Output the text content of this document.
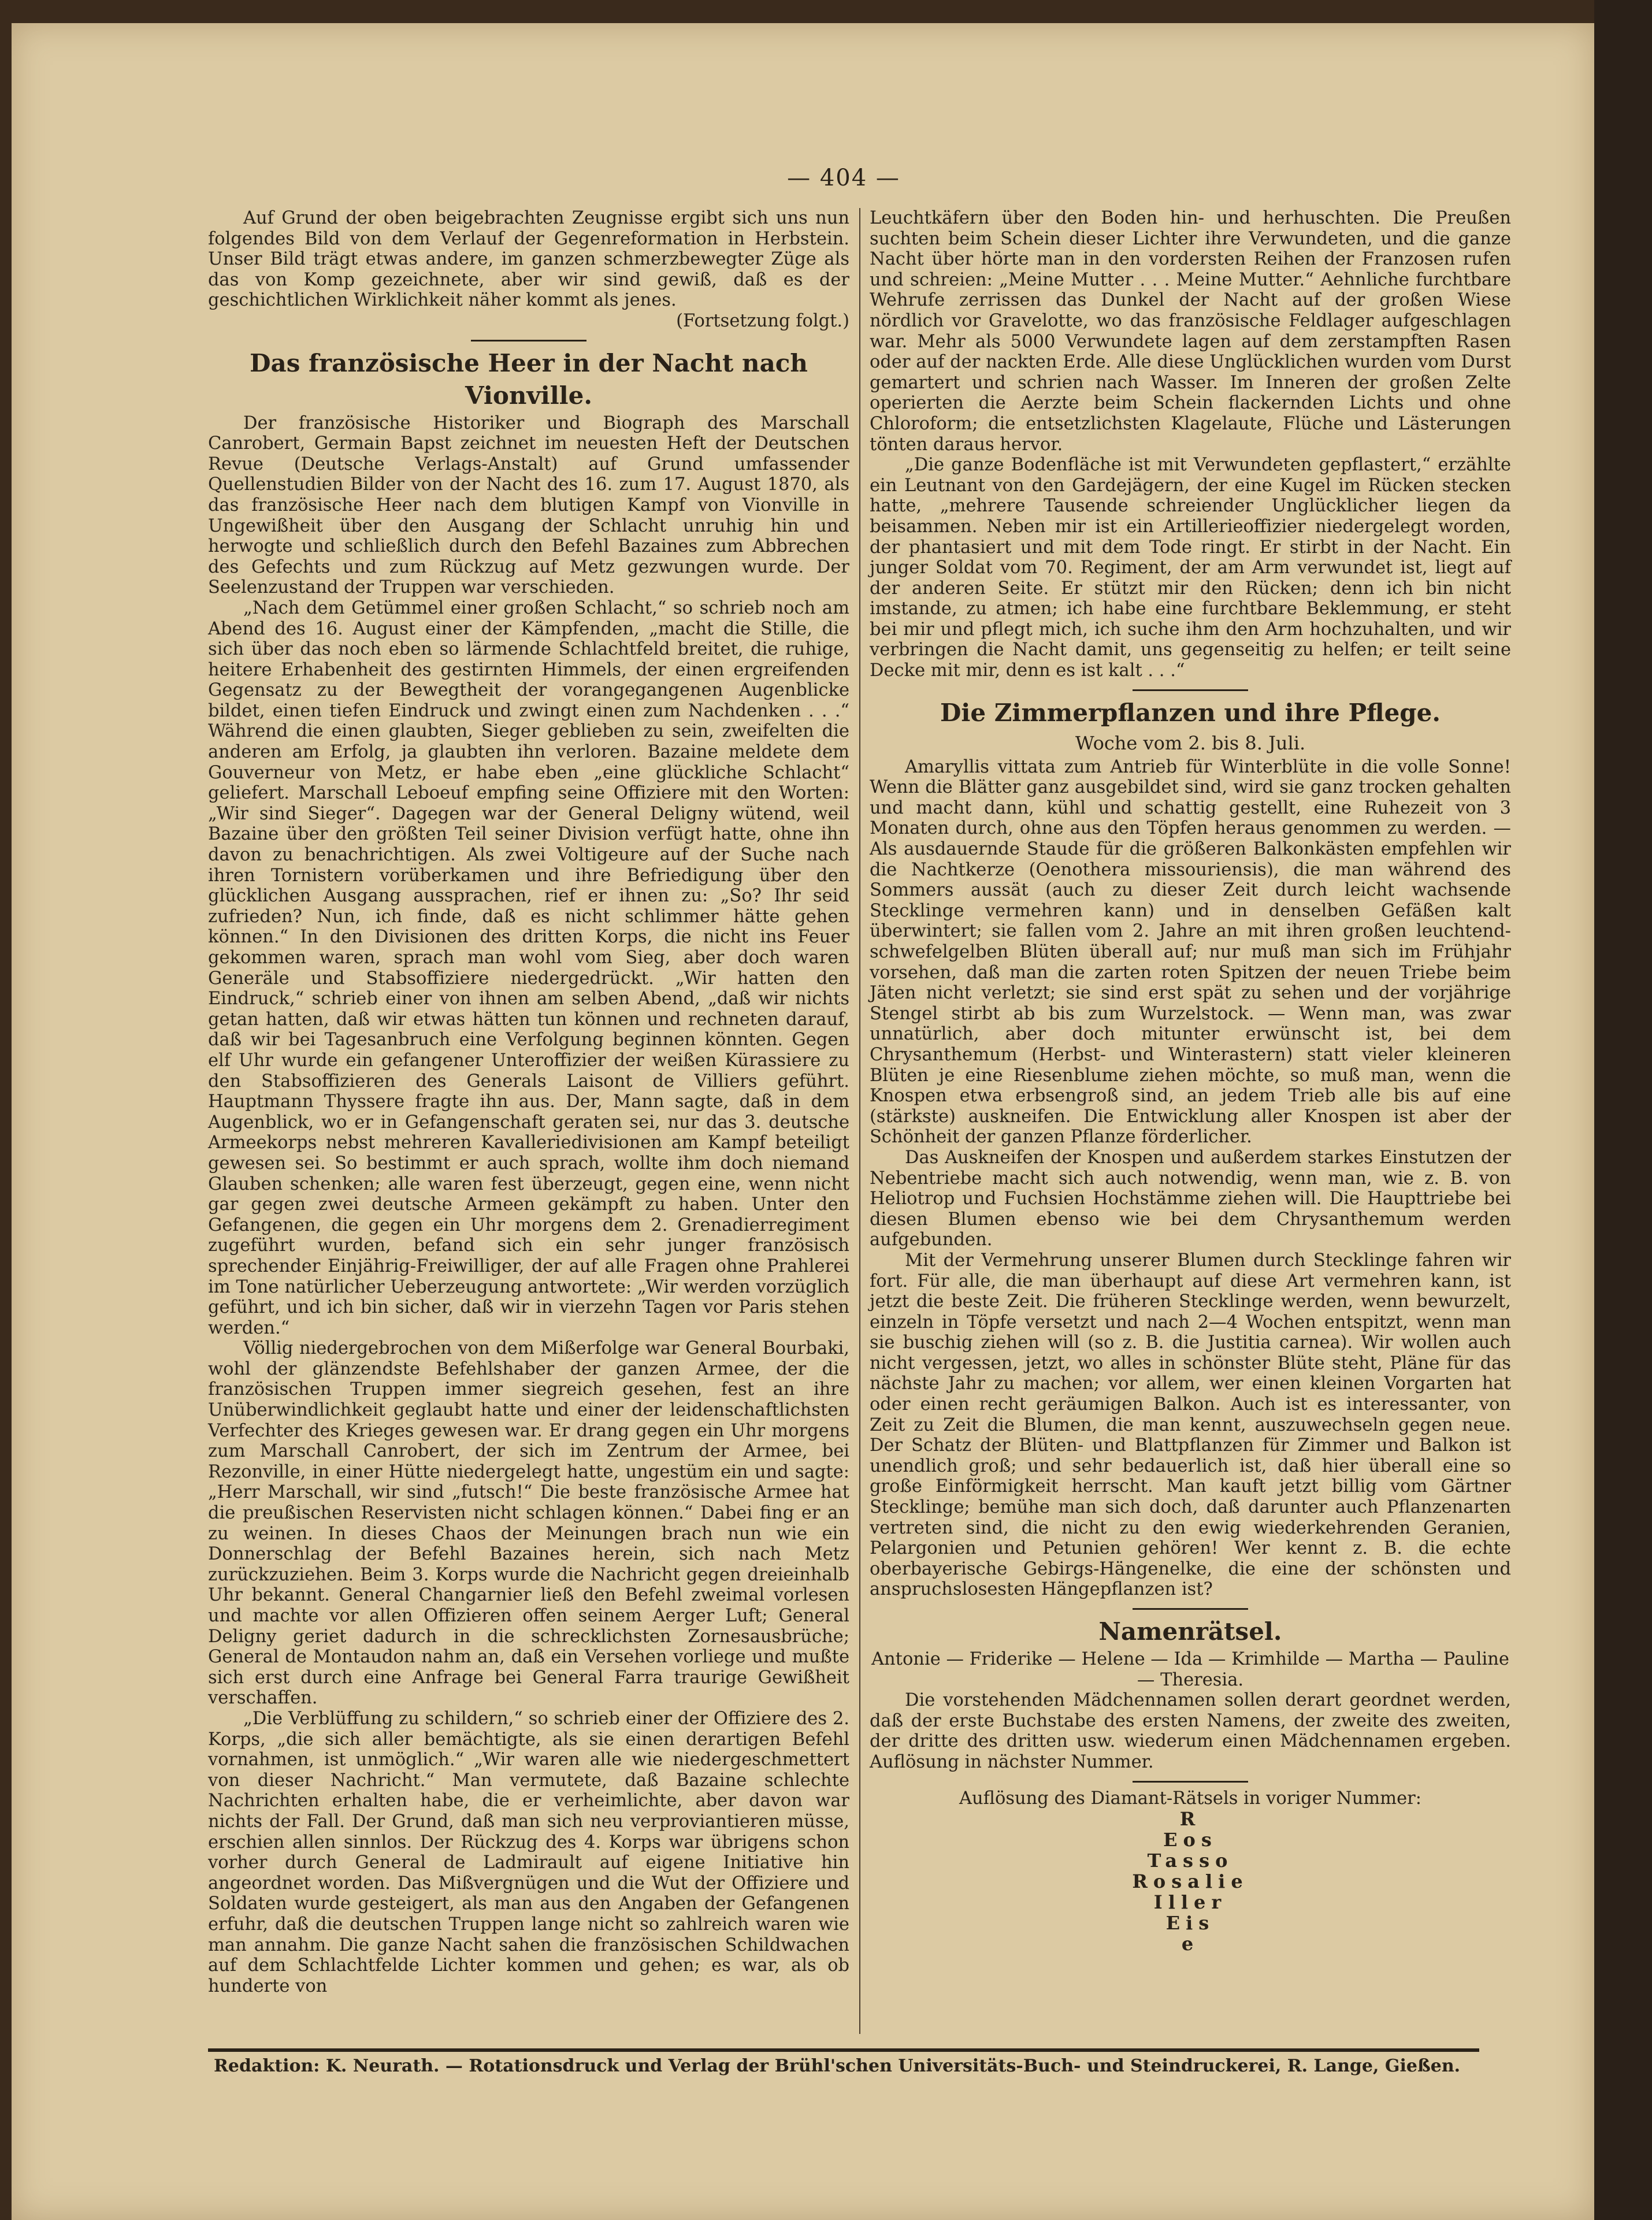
— 404 —

Auf Grund der oben beigebrachten Zeugnisse ergibt sich uns nun folgendes Bild von dem Verlauf der Gegenreformation in Herbstein. Unser Bild trägt etwas andere, im ganzen schmerzbewegter Züge als das von Komp gezeichnete, aber wir sind gewiß, daß es der geschichtlichen Wirklichkeit näher kommt als jenes.

(Fortsetzung folgt.)

Das französische Heer in der Nacht nach Vionville.

Der französische Historiker und Biograph des Marschall Canrobert, Germain Bapst zeichnet im neuesten Heft der Deutschen Revue (Deutsche Verlags-Anstalt) auf Grund umfassender Quellenstudien Bilder von der Nacht des 16. zum 17. August 1870, als das französische Heer nach dem blutigen Kampf von Vionville in Ungewißheit über den Ausgang der Schlacht unruhig hin und herwogte und schließlich durch den Befehl Bazaines zum Abbrechen des Gefechts und zum Rückzug auf Metz gezwungen wurde. Der Seelenzustand der Truppen war verschieden.

„Nach dem Getümmel einer großen Schlacht,“ so schrieb noch am Abend des 16. August einer der Kämpfenden, „macht die Stille, die sich über das noch eben so lärmende Schlachtfeld breitet, die ruhige, heitere Erhabenheit des gestirnten Himmels, der einen ergreifenden Gegensatz zu der Bewegtheit der vorangegangenen Augenblicke bildet, einen tiefen Eindruck und zwingt einen zum Nachdenken . . .“ Während die einen glaubten, Sieger geblieben zu sein, zweifelten die anderen am Erfolg, ja glaubten ihn verloren. Bazaine meldete dem Gouverneur von Metz, er habe eben „eine glückliche Schlacht“ geliefert. Marschall Leboeuf empfing seine Offiziere mit den Worten: „Wir sind Sieger“. Dagegen war der General Deligny wütend, weil Bazaine über den größten Teil seiner Division verfügt hatte, ohne ihn davon zu benachrichtigen. Als zwei Voltigeure auf der Suche nach ihren Tornistern vorüberkamen und ihre Befriedigung über den glücklichen Ausgang aussprachen, rief er ihnen zu: „So? Ihr seid zufrieden? Nun, ich finde, daß es nicht schlimmer hätte gehen können.“ In den Divisionen des dritten Korps, die nicht ins Feuer gekommen waren, sprach man wohl vom Sieg, aber doch waren Generäle und Stabsoffiziere niedergedrückt. „Wir hatten den Eindruck,“ schrieb einer von ihnen am selben Abend, „daß wir nichts getan hatten, daß wir etwas hätten tun können und rechneten darauf, daß wir bei Tagesanbruch eine Verfolgung beginnen könnten. Gegen elf Uhr wurde ein gefangener Unteroffizier der weißen Kürassiere zu den Stabsoffizieren des Generals Laisont de Villiers geführt. Hauptmann Thyssere fragte ihn aus. Der, Mann sagte, daß in dem Augenblick, wo er in Gefangenschaft geraten sei, nur das 3. deutsche Armeekorps nebst mehreren Kavalleriedivisionen am Kampf beteiligt gewesen sei. So bestimmt er auch sprach, wollte ihm doch niemand Glauben schenken; alle waren fest überzeugt, gegen eine, wenn nicht gar gegen zwei deutsche Armeen gekämpft zu haben. Unter den Gefangenen, die gegen ein Uhr morgens dem 2. Grenadierregiment zugeführt wurden, befand sich ein sehr junger französisch sprechender Einjährig-Freiwilliger, der auf alle Fragen ohne Prahlerei im Tone natürlicher Ueberzeugung antwortete: „Wir werden vorzüglich geführt, und ich bin sicher, daß wir in vierzehn Tagen vor Paris stehen werden.“

Völlig niedergebrochen von dem Mißerfolge war General Bourbaki, wohl der glänzendste Befehlshaber der ganzen Armee, der die französischen Truppen immer siegreich gesehen, fest an ihre Unüberwindlichkeit geglaubt hatte und einer der leidenschaftlichsten Verfechter des Krieges gewesen war. Er drang gegen ein Uhr morgens zum Marschall Canrobert, der sich im Zentrum der Armee, bei Rezonville, in einer Hütte niedergelegt hatte, ungestüm ein und sagte: „Herr Marschall, wir sind „futsch!“ Die beste französische Armee hat die preußischen Reservisten nicht schlagen können.“ Dabei fing er an zu weinen. In dieses Chaos der Meinungen brach nun wie ein Donnerschlag der Befehl Bazaines herein, sich nach Metz zurückzuziehen. Beim 3. Korps wurde die Nachricht gegen dreieinhalb Uhr bekannt. General Changarnier ließ den Befehl zweimal vorlesen und machte vor allen Offizieren offen seinem Aerger Luft; General Deligny geriet dadurch in die schrecklichsten Zornesausbrüche; General de Montaudon nahm an, daß ein Versehen vorliege und mußte sich erst durch eine Anfrage bei General Farra traurige Gewißheit verschaffen.

„Die Verblüffung zu schildern,“ so schrieb einer der Offiziere des 2. Korps, „die sich aller bemächtigte, als sie einen derartigen Befehl vornahmen, ist unmöglich.“ „Wir waren alle wie niedergeschmettert von dieser Nachricht.“ Man vermutete, daß Bazaine schlechte Nachrichten erhalten habe, die er verheimlichte, aber davon war nichts der Fall. Der Grund, daß man sich neu verproviantieren müsse, erschien allen sinnlos. Der Rückzug des 4. Korps war übrigens schon vorher durch General de Ladmirault auf eigene Initiative hin angeordnet worden. Das Mißvergnügen und die Wut der Offiziere und Soldaten wurde gesteigert, als man aus den Angaben der Gefangenen erfuhr, daß die deutschen Truppen lange nicht so zahlreich waren wie man annahm. Die ganze Nacht sahen die französischen Schildwachen auf dem Schlachtfelde Lichter kommen und gehen; es war, als ob hunderte von

Leuchtkäfern über den Boden hin- und herhuschten. Die Preußen suchten beim Schein dieser Lichter ihre Verwundeten, und die ganze Nacht über hörte man in den vordersten Reihen der Franzosen rufen und schreien: „Meine Mutter . . . Meine Mutter.“ Aehnliche furchtbare Wehrufe zerrissen das Dunkel der Nacht auf der großen Wiese nördlich vor Gravelotte, wo das französische Feldlager aufgeschlagen war. Mehr als 5000 Verwundete lagen auf dem zerstampften Rasen oder auf der nackten Erde. Alle diese Unglücklichen wurden vom Durst gemartert und schrien nach Wasser. Im Inneren der großen Zelte operierten die Aerzte beim Schein flackernden Lichts und ohne Chloroform; die entsetzlichsten Klagelaute, Flüche und Lästerungen tönten daraus hervor.

„Die ganze Bodenfläche ist mit Verwundeten gepflastert,“ erzählte ein Leutnant von den Gardejägern, der eine Kugel im Rücken stecken hatte, „mehrere Tausende schreiender Unglücklicher liegen da beisammen. Neben mir ist ein Artillerieoffizier niedergelegt worden, der phantasiert und mit dem Tode ringt. Er stirbt in der Nacht. Ein junger Soldat vom 70. Regiment, der am Arm verwundet ist, liegt auf der anderen Seite. Er stützt mir den Rücken; denn ich bin nicht imstande, zu atmen; ich habe eine furchtbare Beklemmung, er steht bei mir und pflegt mich, ich suche ihm den Arm hochzuhalten, und wir verbringen die Nacht damit, uns gegenseitig zu helfen; er teilt seine Decke mit mir, denn es ist kalt . . .“

Die Zimmerpflanzen und ihre Pflege.
Woche vom 2. bis 8. Juli.

Amaryllis vittata zum Antrieb für Winterblüte in die volle Sonne! Wenn die Blätter ganz ausgebildet sind, wird sie ganz trocken gehalten und macht dann, kühl und schattig gestellt, eine Ruhezeit von 3 Monaten durch, ohne aus den Töpfen heraus genommen zu werden. — Als ausdauernde Staude für die größeren Balkonkästen empfehlen wir die Nachtkerze (Oenothera missouriensis), die man während des Sommers aussät (auch zu dieser Zeit durch leicht wachsende Stecklinge vermehren kann) und in denselben Gefäßen kalt überwintert; sie fallen vom 2. Jahre an mit ihren großen leuchtend-schwefelgelben Blüten überall auf; nur muß man sich im Frühjahr vorsehen, daß man die zarten roten Spitzen der neuen Triebe beim Jäten nicht verletzt; sie sind erst spät zu sehen und der vorjährige Stengel stirbt ab bis zum Wurzelstock. — Wenn man, was zwar unnatürlich, aber doch mitunter erwünscht ist, bei dem Chrysanthemum (Herbst- und Winterastern) statt vieler kleineren Blüten je eine Riesenblume ziehen möchte, so muß man, wenn die Knospen etwa erbsengroß sind, an jedem Trieb alle bis auf eine (stärkste) auskneifen. Die Entwicklung aller Knospen ist aber der Schönheit der ganzen Pflanze förderlicher.

Das Auskneifen der Knospen und außerdem starkes Einstutzen der Nebentriebe macht sich auch notwendig, wenn man, wie z. B. von Heliotrop und Fuchsien Hochstämme ziehen will. Die Haupttriebe bei diesen Blumen ebenso wie bei dem Chrysanthemum werden aufgebunden.

Mit der Vermehrung unserer Blumen durch Stecklinge fahren wir fort. Für alle, die man überhaupt auf diese Art vermehren kann, ist jetzt die beste Zeit. Die früheren Stecklinge werden, wenn bewurzelt, einzeln in Töpfe versetzt und nach 2—4 Wochen entspitzt, wenn man sie buschig ziehen will (so z. B. die Justitia carnea). Wir wollen auch nicht vergessen, jetzt, wo alles in schönster Blüte steht, Pläne für das nächste Jahr zu machen; vor allem, wer einen kleinen Vorgarten hat oder einen recht geräumigen Balkon. Auch ist es interessanter, von Zeit zu Zeit die Blumen, die man kennt, auszuwechseln gegen neue. Der Schatz der Blüten- und Blattpflanzen für Zimmer und Balkon ist unendlich groß; und sehr bedauerlich ist, daß hier überall eine so große Einförmigkeit herrscht. Man kauft jetzt billig vom Gärtner Stecklinge; bemühe man sich doch, daß darunter auch Pflanzenarten vertreten sind, die nicht zu den ewig wiederkehrenden Geranien, Pelargonien und Petunien gehören! Wer kennt z. B. die echte oberbayerische Gebirgs-Hängenelke, die eine der schönsten und anspruchslosesten Hängepflanzen ist?

Namenrätsel.

Antonie — Friderike — Helene — Ida — Krimhilde — Martha — Pauline — Theresia.

Die vorstehenden Mädchennamen sollen derart geordnet werden, daß der erste Buchstabe des ersten Namens, der zweite des zweiten, der dritte des dritten usw. wiederum einen Mädchennamen ergeben. Auflösung in nächster Nummer.

Auflösung des Diamant-Rätsels in voriger Nummer:

R
Eos
Tasso
Rosalie
Iller
Eis
e
Redaktion: K. Neurath. — Rotationsdruck und Verlag der Brühl'schen Universitäts-Buch- und Steindruckerei, R. Lange, Gießen.
